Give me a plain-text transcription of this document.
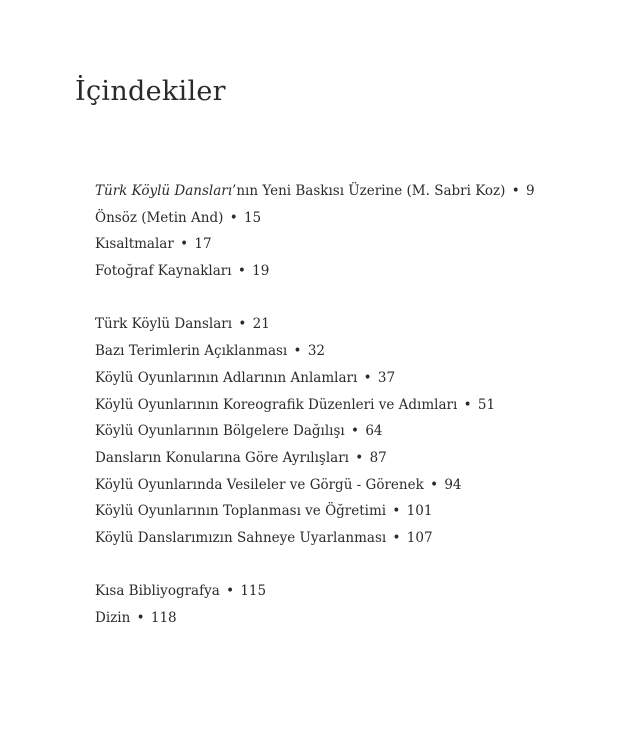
İçindekiler
Türk Köylü Dansları’nın Yeni Baskısı Üzerine (M. Sabri Koz) • 9
Önsöz (Metin And) • 15
Kısaltmalar • 17
Fotoğraf Kaynakları • 19
Türk Köylü Dansları • 21
Bazı Terimlerin Açıklanması • 32
Köylü Oyunlarının Adlarının Anlamları • 37
Köylü Oyunlarının Koreografik Düzenleri ve Adımları • 51
Köylü Oyunlarının Bölgelere Dağılışı • 64
Dansların Konularına Göre Ayrılışları • 87
Köylü Oyunlarında Vesileler ve Görgü - Görenek • 94
Köylü Oyunlarının Toplanması ve Öğretimi • 101
Köylü Danslarımızın Sahneye Uyarlanması • 107
Kısa Bibliyografya • 115
Dizin • 118
